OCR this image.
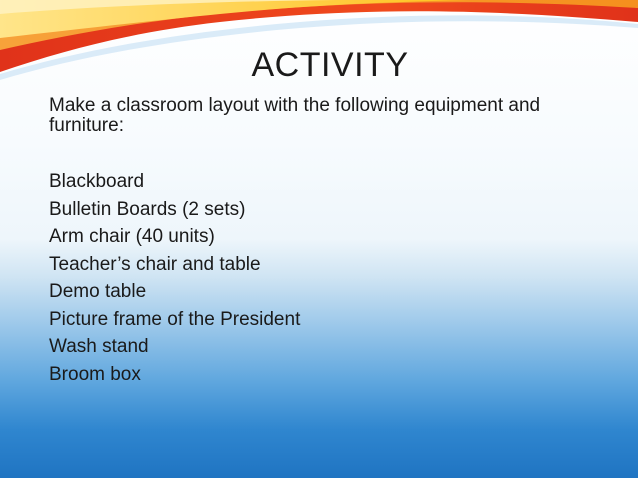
ACTIVITY

Make a classroom layout with the following equipment and furniture:

Blackboard
Bulletin Boards (2 sets)
Arm chair (40 units)
Teacher’s chair and table
Demo table
Picture frame of the President
Wash stand
Broom box
